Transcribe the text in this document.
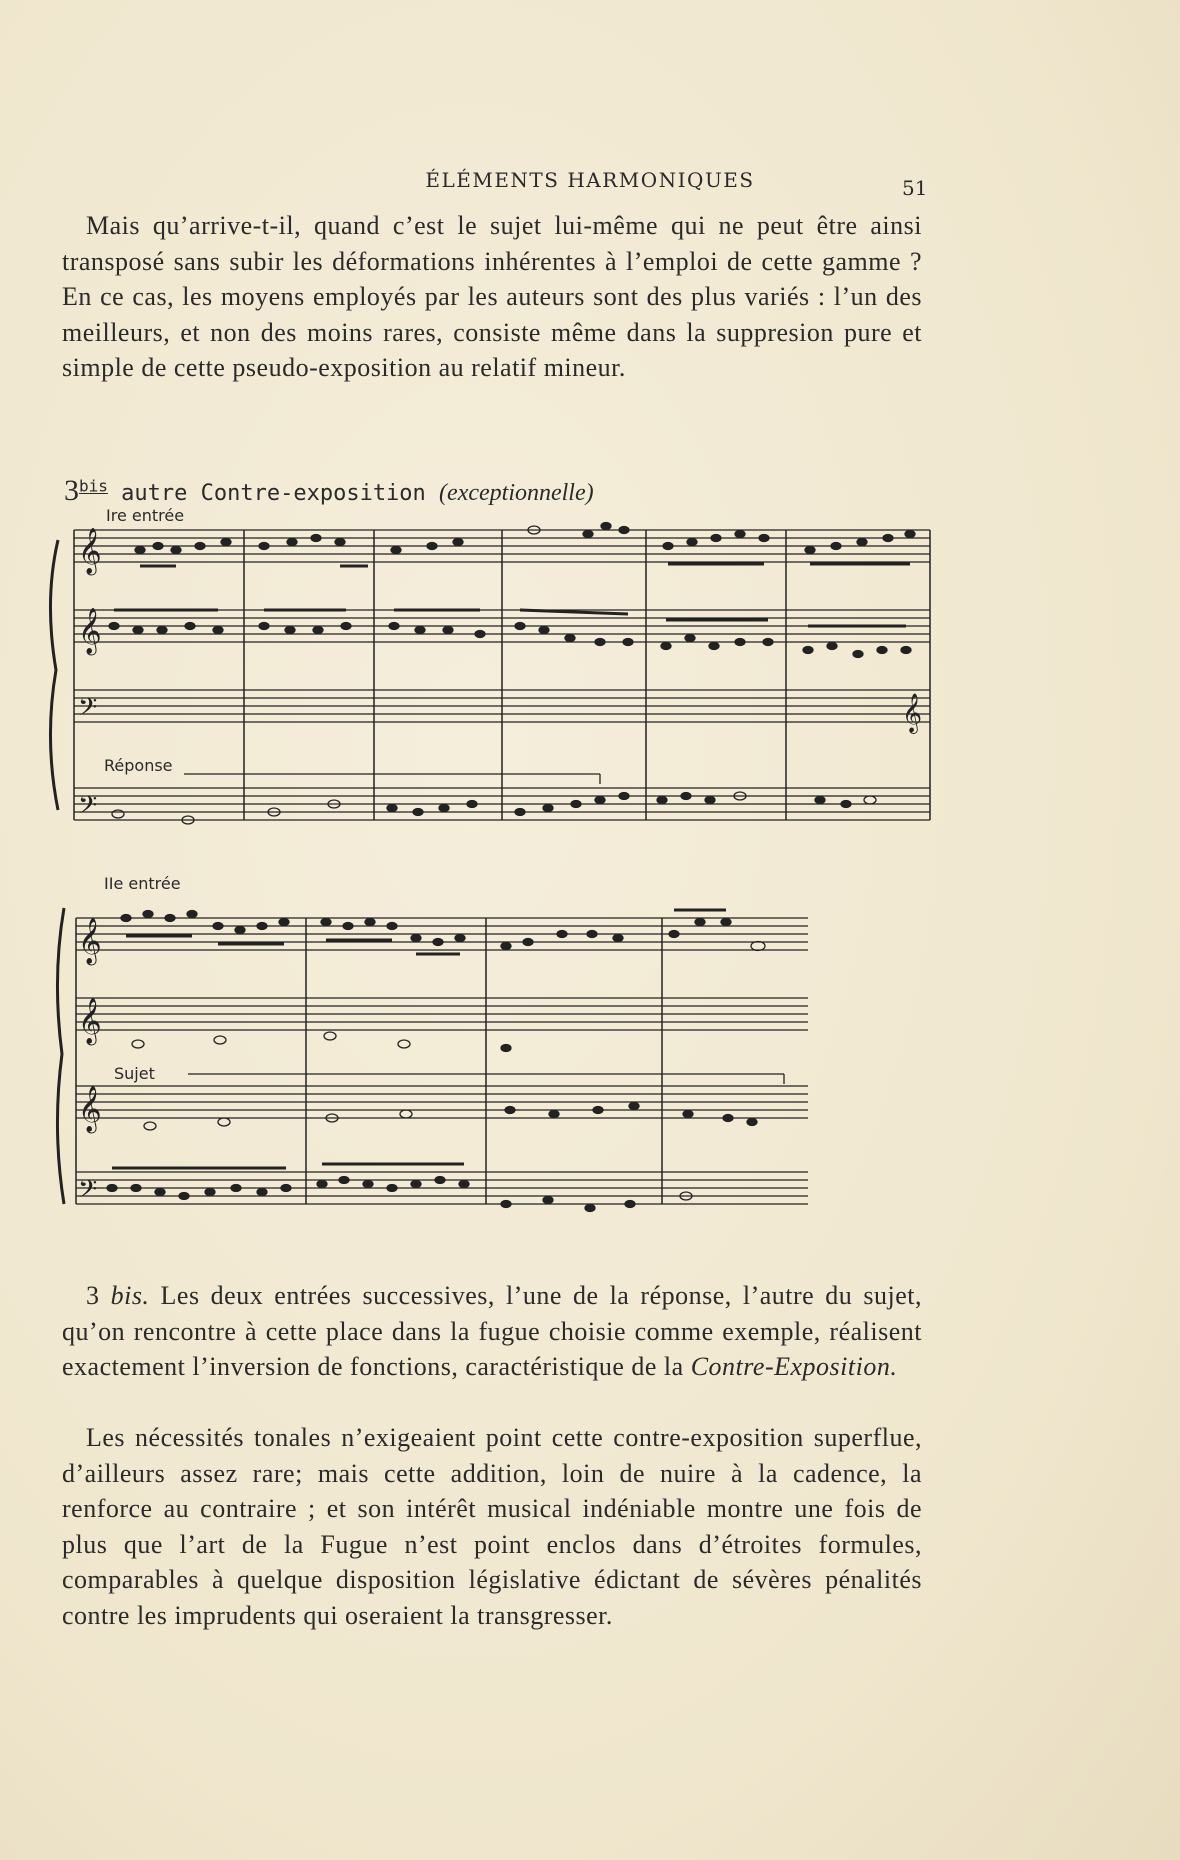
ÉLÉMENTS HARMONIQUES	51

Mais qu’arrive-t-il, quand c’est le sujet lui-même qui ne peut être ainsi transposé sans subir les déformations inhérentes à l’emploi de cette gamme ? En ce cas, les moyens employés par les auteurs sont des plus variés : l’un des meilleurs, et non des moins rares, consiste même dans la suppresion pure et simple de cette pseudo-exposition au relatif mineur.

$3^{bis}$ autre Contre-exposition (exceptionnelle)
Ire entrée
Réponse
IIe entrée
Sujet
𝄞
𝄞
𝄢
𝄢
𝄞
𝄞
𝄞
𝄞
𝄢

3 bis. Les deux entrées successives, l’une de la réponse, l’autre du sujet, qu’on rencontre à cette place dans la fugue choisie comme exemple, réalisent exactement l’inversion de fonctions, caractéristique de la Contre-Exposition.

Les nécessités tonales n’exigeaient point cette contre-exposition superflue, d’ailleurs assez rare; mais cette addition, loin de nuire à la cadence, la renforce au contraire ; et son intérêt musical indéniable montre une fois de plus que l’art de la Fugue n’est point enclos dans d’étroites formules, comparables à quelque disposition législative édictant de sévères pénalités contre les imprudents qui oseraient la transgresser.
